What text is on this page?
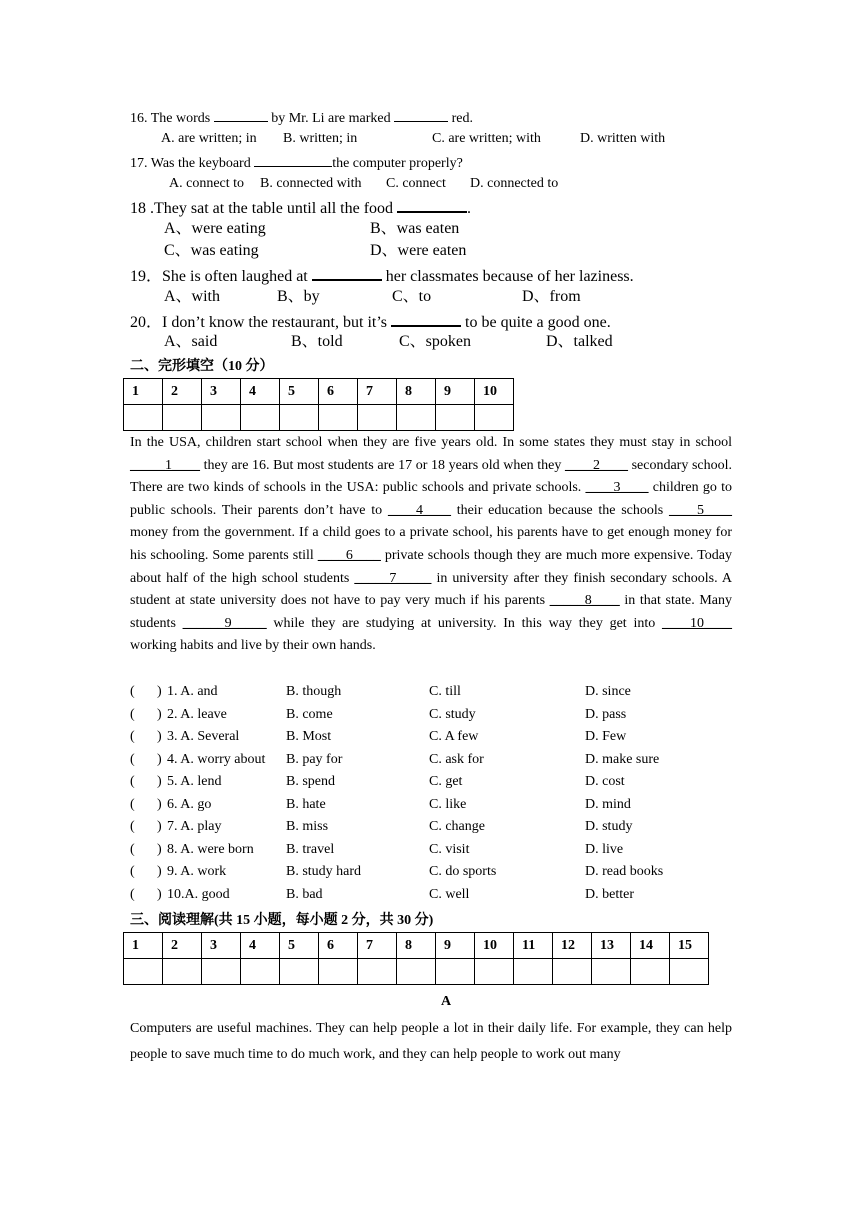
16. The words	by Mr. Li are marked	red.
A. are written; in B. written; in	C. are written; with	D. written with
17. Was the keyboard	the computer properly?
A. connect to B. connected with C. connect D. connected to
18 .They sat at the table until all the food	.
A、were eating	B、was eaten
C、was eating	D、were eaten
19．She is often laughed at	her classmates because of her laziness.
A、with	B、by	C、to	D、from
20．I don’t know the restaurant, but it’s	to be quite a good one.
A、said	B、told	C、spoken	D、talked
二、完形填空（10 分）
1	2	3	4	5	6	7	8	9	10

In the USA, children start school when they are five years old. In some states they must stay in school _____1____ they are 16. But most students are 17 or 18 years old when they ____2____ secondary school. There are two kinds of schools in the USA: public schools and private schools. ____3____ children go to public schools. Their parents don’t have to ____4____ their education because the schools ____5____ money from the government. If a child goes to a private school, his parents have to get enough money for his schooling. Some parents still ____6____ private schools though they are much more expensive. Today about half of the high school students _____7_____ in university after they finish secondary schools. A student at state university does not have to pay very much if his parents _____8____ in that state. Many students ______9_____ while they are studying at university. In this way they get into ____10____ working habits and live by their own hands.
( ) 1. A. and	B. though	C. till	D. since
( ) 2. A. leave	B. come	C. study	D. pass
( ) 3. A. Several	B. Most	C. A few	D. Few
( ) 4. A. worry about B. pay for	C. ask for	D. make sure
( ) 5. A. lend	B. spend	C. get	D. cost
( ) 6. A. go	B. hate	C. like	D. mind
( ) 7. A. play	B. miss	C. change	D. study
( ) 8. A. were born B. travel	C. visit	D. live
( ) 9. A. work	B. study hard	C. do sports	D. read books
( ) 10.A. good	B. bad	C. well	D. better
三、阅读理解(共 15 小题，每小题 2 分，共 30 分)
1	2	3	4	5	6	7	8	9	10	11	12	13	14	15

A
Computers are useful machines. They can help people a lot in their daily life. For example, they can help people to save much time to do much work, and they can help people to work out many
